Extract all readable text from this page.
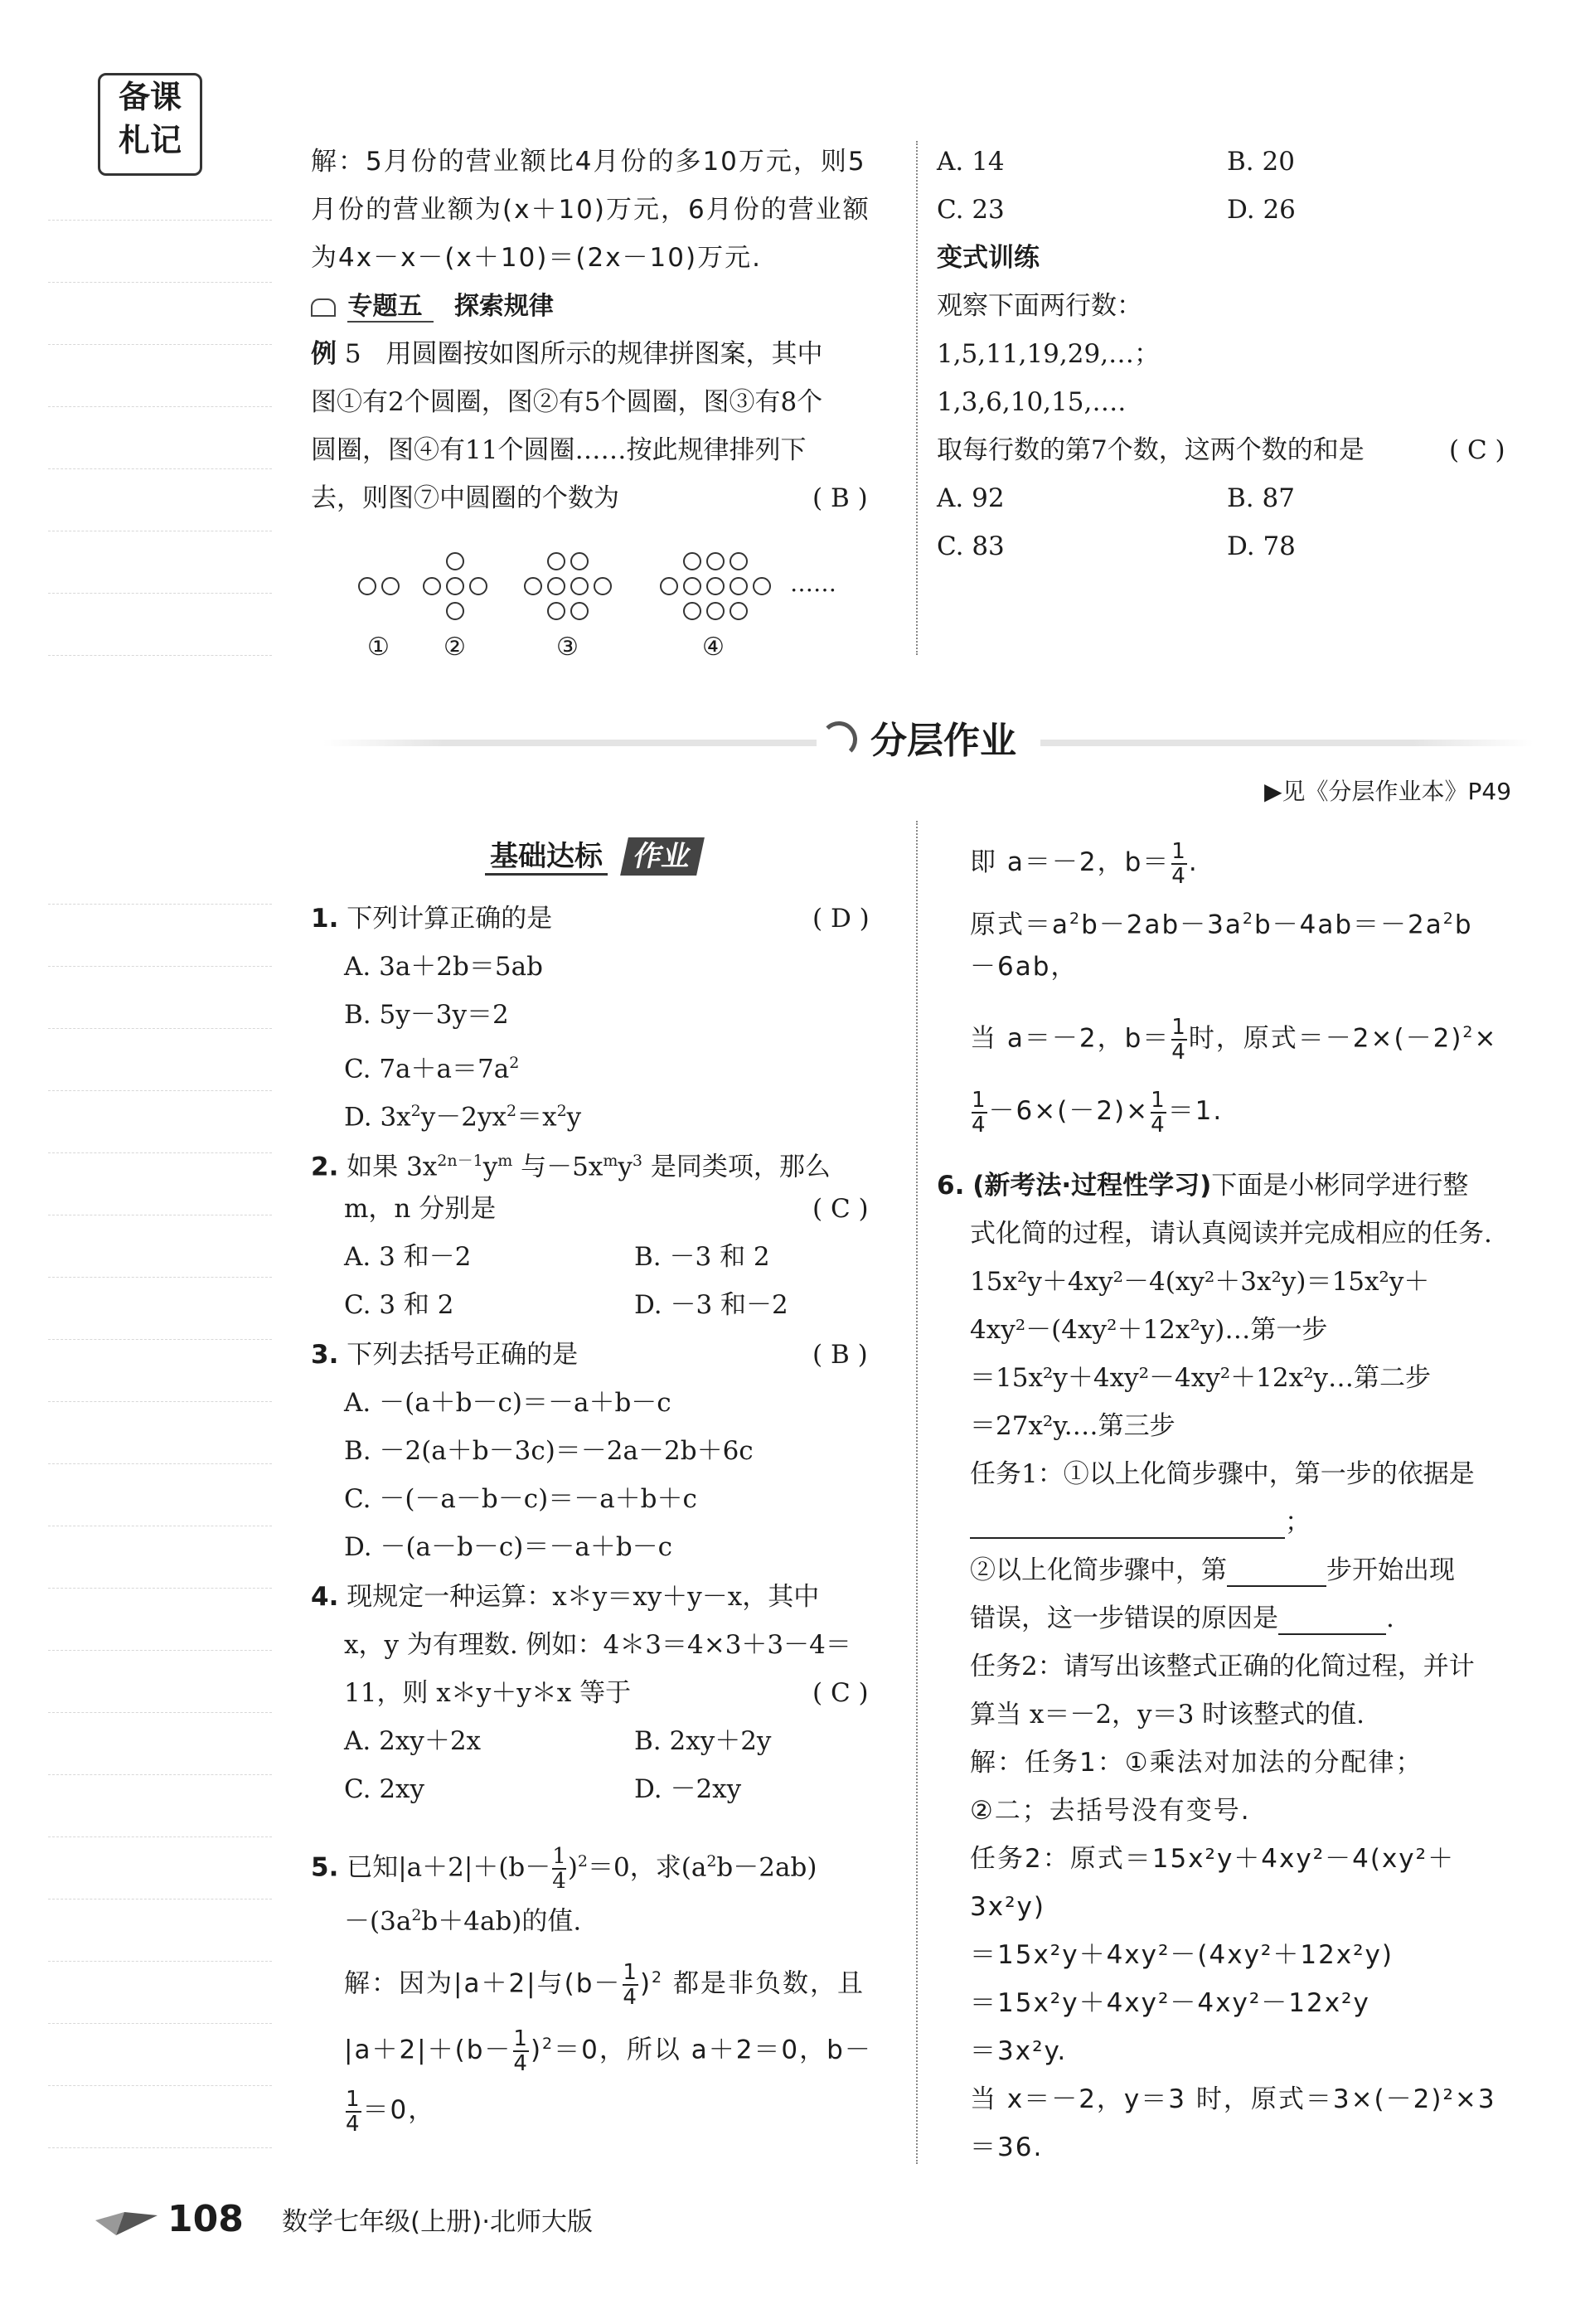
备课
札记
解：5月份的营业额比4月份的多10万元，则5
月份的营业额为(x＋10)万元，6月份的营业额
为4x－x－(x＋10)＝(2x－10)万元.
专题五 探索规律
例 5 用圆圈按如图所示的规律拼图案，其中
图①有2个圆圈，图②有5个圆圈，图③有8个
圆圈，图④有11个圆圈……按此规律排列下
去，则图⑦中圆圈的个数为	( B )
……
① ②	③	④
A. 14	B. 20
C. 23	D. 26
变式训练
观察下面两行数：
1,5,11,19,29,…；
1,3,6,10,15,….
取每行数的第7个数，这两个数的和是	( C )
A. 92	B. 87
C. 83	D. 78
分层作业
▶见《分层作业本》P49
基础达标 作业
1. 下列计算正确的是	( D )
A. 3a＋2b＝5ab
B. 5y－3y＝2
C. $7a+a=7a^2$
D. $3x^2y-2yx^2=x^2y$
2. 如果 $3x^{2n-1}y^m$ 与$-5x^my^3$ 是同类项，那么
m，n 分别是	( C )
A. 3 和－2	B. －3 和 2
C. 3 和 2	D. －3 和－2
3. 下列去括号正确的是	( B )
A. －(a＋b－c)＝－a＋b－c
B. －2(a＋b－3c)＝－2a－2b＋6c
C. －(－a－b－c)＝－a＋b＋c
D. －(a－b－c)＝－a＋b－c
4. 现规定一种运算：x＊y＝xy＋y－x，其中
x，y 为有理数. 例如：4＊3＝4×3＋3－4＝
11，则 x＊y＋y＊x 等于	( C )
A. 2xy＋2x	B. 2xy＋2y
C. 2xy	D. －2xy
5. 已知$|a+2|+(b- \frac{1}{4} )^2=0$，求$(a^2b-2ab)$
$-(3a^2b+4ab)$的值.
解：因为|a＋2|与$(b- \frac{1}{4} )^2$ 都是非负数，且
$|a+2|+(b- \frac{1}{4} )^2=0$，所以 a＋2＝0，b－
$\frac{1}{4} =0$，
即 a＝－2，$b= \frac{1}{4}$ .
原式$=a^2b-2ab-3a^2b-4ab=-2a^2b$
－6ab，
当 a＝－2，$b= \frac{1}{4}$ 时，原式$=-2\times(-2)^2\times$
$\frac{1}{4} -6\times(-2)\times \frac{1}{4} =1$.
6. (新考法·过程性学习)下面是小彬同学进行整
式化简的过程，请认真阅读并完成相应的任务.
15x²y＋4xy²－4(xy²＋3x²y)＝15x²y＋
4xy²－(4xy²＋12x²y)…第一步
＝15x²y＋4xy²－4xy²＋12x²y…第二步
＝27x²y.…第三步
任务1：①以上化简步骤中，第一步的依据是
；
②以上化简步骤中，第	步开始出现
错误，这一步错误的原因是	.
任务2：请写出该整式正确的化简过程，并计
算当 x＝－2，y＝3 时该整式的值.
解：任务1：①乘法对加法的分配律；
②二；去括号没有变号.
任务2：原式＝15x²y＋4xy²－4(xy²＋
3x²y)
＝15x²y＋4xy²－(4xy²＋12x²y)
＝15x²y＋4xy²－4xy²－12x²y
＝3x²y.
当 x＝－2，y＝3 时，原式＝3×(－2)²×3
＝36.
108 数学七年级(上册)·北师大版
